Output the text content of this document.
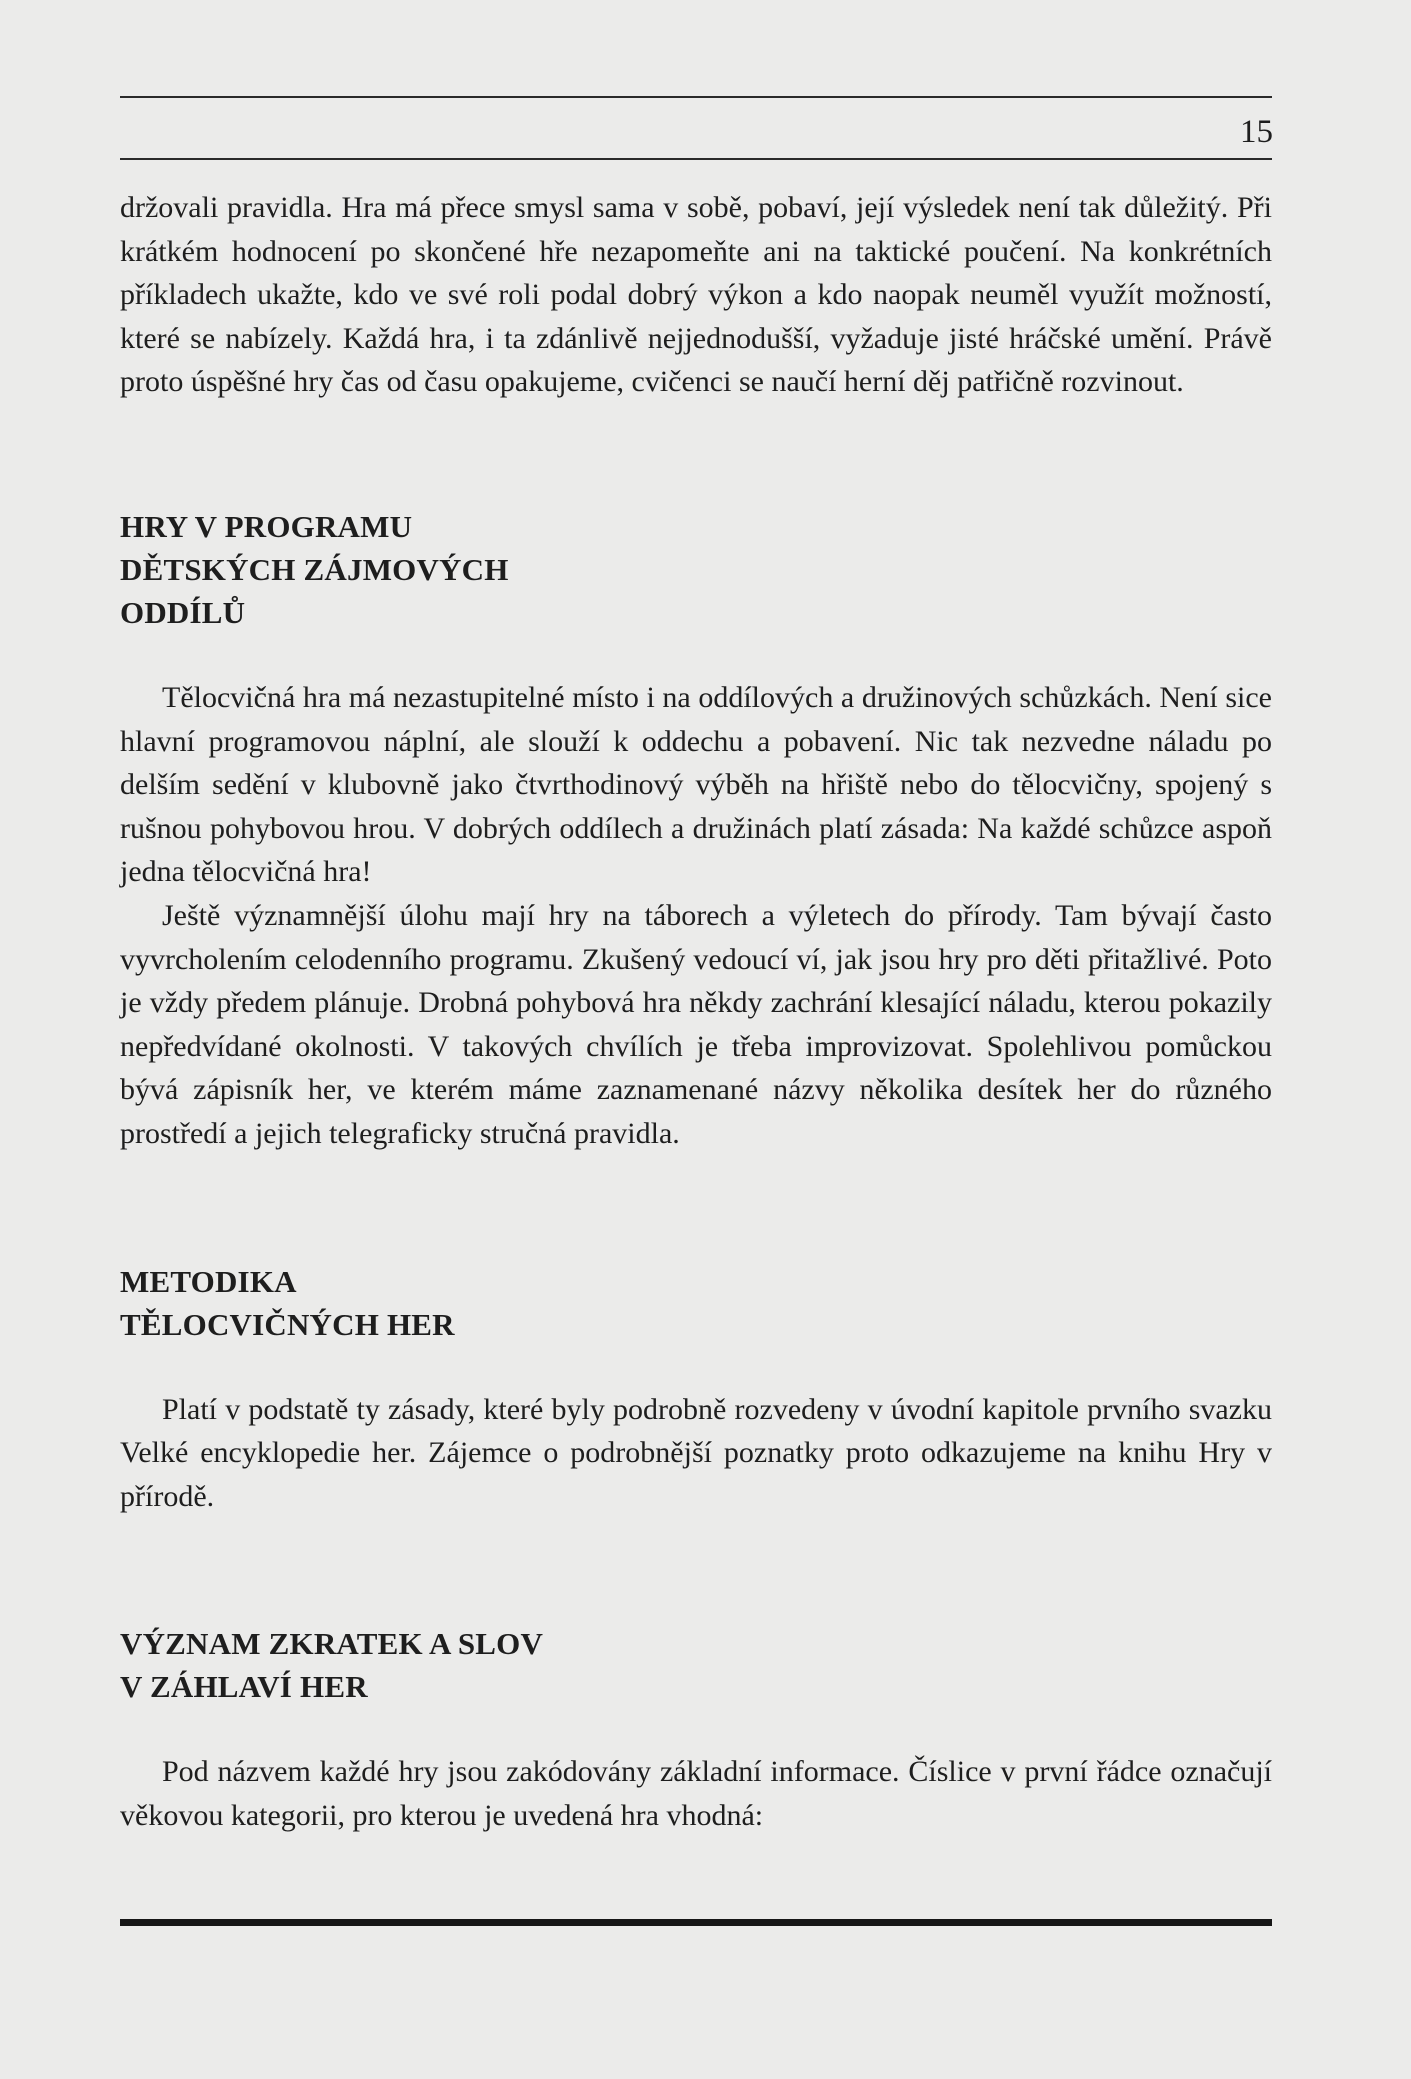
15

držovali pravidla. Hra má přece smysl sama v sobě, pobaví, její výsledek není tak důležitý. Při krátkém hodnocení po skončené hře nezapomeňte ani na taktické poučení. Na konkrétních příkladech ukažte, kdo ve své roli podal dobrý výkon a kdo naopak neuměl využít možností, které se nabízely. Každá hra, i ta zdánlivě nejjednodušší, vyžaduje jisté hráčské umění. Právě proto úspěšné hry čas od času opakujeme, cvičenci se naučí herní děj patřičně rozvinout.

HRY V PROGRAMU
DĚTSKÝCH ZÁJMOVÝCH
ODDÍLŮ

Tělocvičná hra má nezastupitelné místo i na oddílových a družinových schůzkách. Není sice hlavní programovou náplní, ale slouží k oddechu a pobavení. Nic tak nezvedne náladu po delším sedění v klubovně jako čtvrthodinový výběh na hřiště nebo do tělocvičny, spojený s rušnou pohybovou hrou. V dobrých oddílech a družinách platí zásada: Na každé schůzce aspoň jedna tělocvičná hra!

Ještě významnější úlohu mají hry na táborech a výletech do přírody. Tam bývají často vyvrcholením celodenního programu. Zkušený vedoucí ví, jak jsou hry pro děti přitažlivé. Poto je vždy předem plánuje. Drobná pohybová hra někdy zachrání klesající náladu, kterou pokazily nepředvídané okolnosti. V takových chvílích je třeba improvizovat. Spolehlivou pomůckou bývá zápisník her, ve kterém máme zaznamenané názvy několika desítek her do různého prostředí a jejich telegraficky stručná pravidla.

METODIKA
TĚLOCVIČNÝCH HER

Platí v podstatě ty zásady, které byly podrobně rozvedeny v úvodní kapitole prvního svazku Velké encyklopedie her. Zájemce o podrobnější poznatky proto odkazujeme na knihu Hry v přírodě.

VÝZNAM ZKRATEK A SLOV
V ZÁHLAVÍ HER

Pod názvem každé hry jsou zakódovány základní informace. Číslice v první řádce označují věkovou kategorii, pro kterou je uvedená hra vhodná:
